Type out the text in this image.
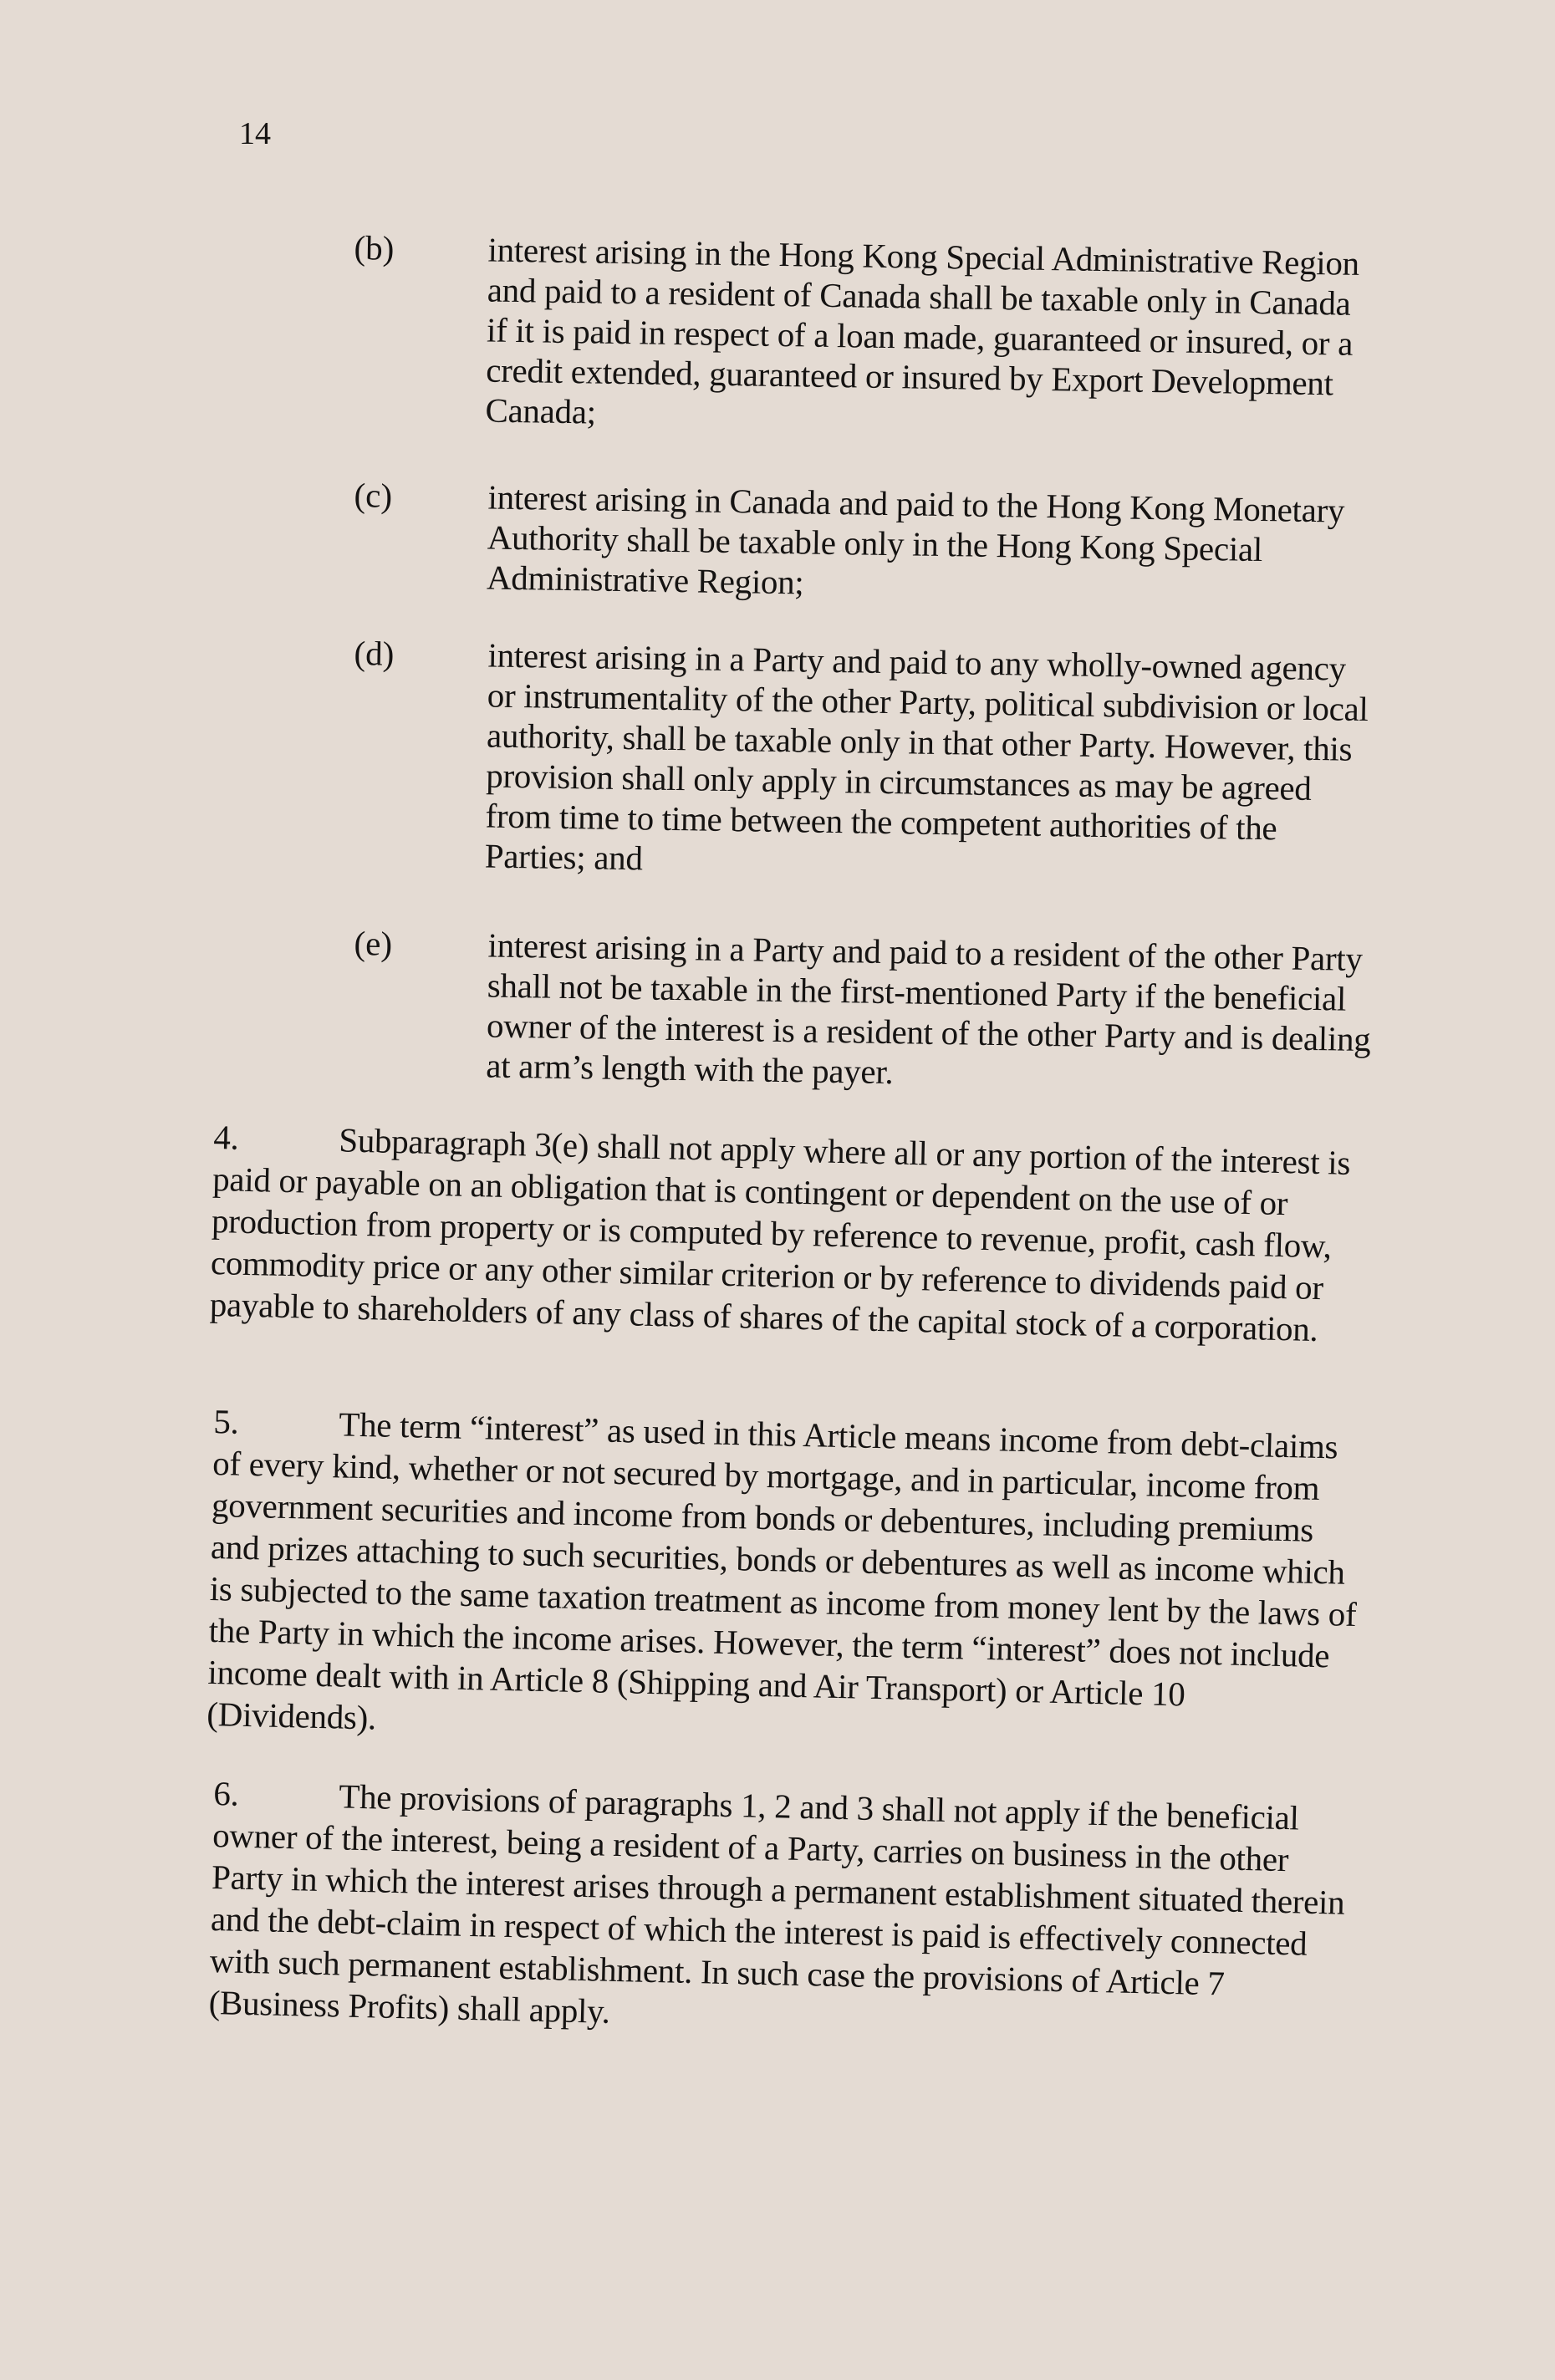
14
(b)	interest arising in the Hong Kong Special Administrative Region and paid to a resident of Canada shall be taxable only in Canada if it is paid in respect of a loan made, guaranteed or insured, or a credit extended, guaranteed or insured by Export Development Canada;
(c)	interest arising in Canada and paid to the Hong Kong Monetary Authority shall be taxable only in the Hong Kong Special Administrative Region;
(d)	interest arising in a Party and paid to any wholly-owned agency or instrumentality of the other Party, political subdivision or local authority, shall be taxable only in that other Party. However, this provision shall only apply in circumstances as may be agreed from time to time between the competent authorities of the Parties; and
(e)	interest arising in a Party and paid to a resident of the other Party shall not be taxable in the first-mentioned Party if the beneficial owner of the interest is a resident of the other Party and is dealing at arm’s length with the payer.
4.	Subparagraph 3(e) shall not apply where all or any portion of the interest is paid or payable on an obligation that is contingent or dependent on the use of or production from property or is computed by reference to revenue, profit, cash flow, commodity price or any other similar criterion or by reference to dividends paid or payable to shareholders of any class of shares of the capital stock of a corporation.
5.	The term “interest” as used in this Article means income from debt-claims of every kind, whether or not secured by mortgage, and in particular, income from government securities and income from bonds or debentures, including premiums and prizes attaching to such securities, bonds or debentures as well as income which is subjected to the same taxation treatment as income from money lent by the laws of the Party in which the income arises. However, the term “interest” does not include income dealt with in Article 8 (Shipping and Air Transport) or Article 10 (Dividends).
6.	The provisions of paragraphs 1, 2 and 3 shall not apply if the beneficial owner of the interest, being a resident of a Party, carries on business in the other Party in which the interest arises through a permanent establishment situated therein and the debt-claim in respect of which the interest is paid is effectively connected with such permanent establishment. In such case the provisions of Article 7 (Business Profits) shall apply.
